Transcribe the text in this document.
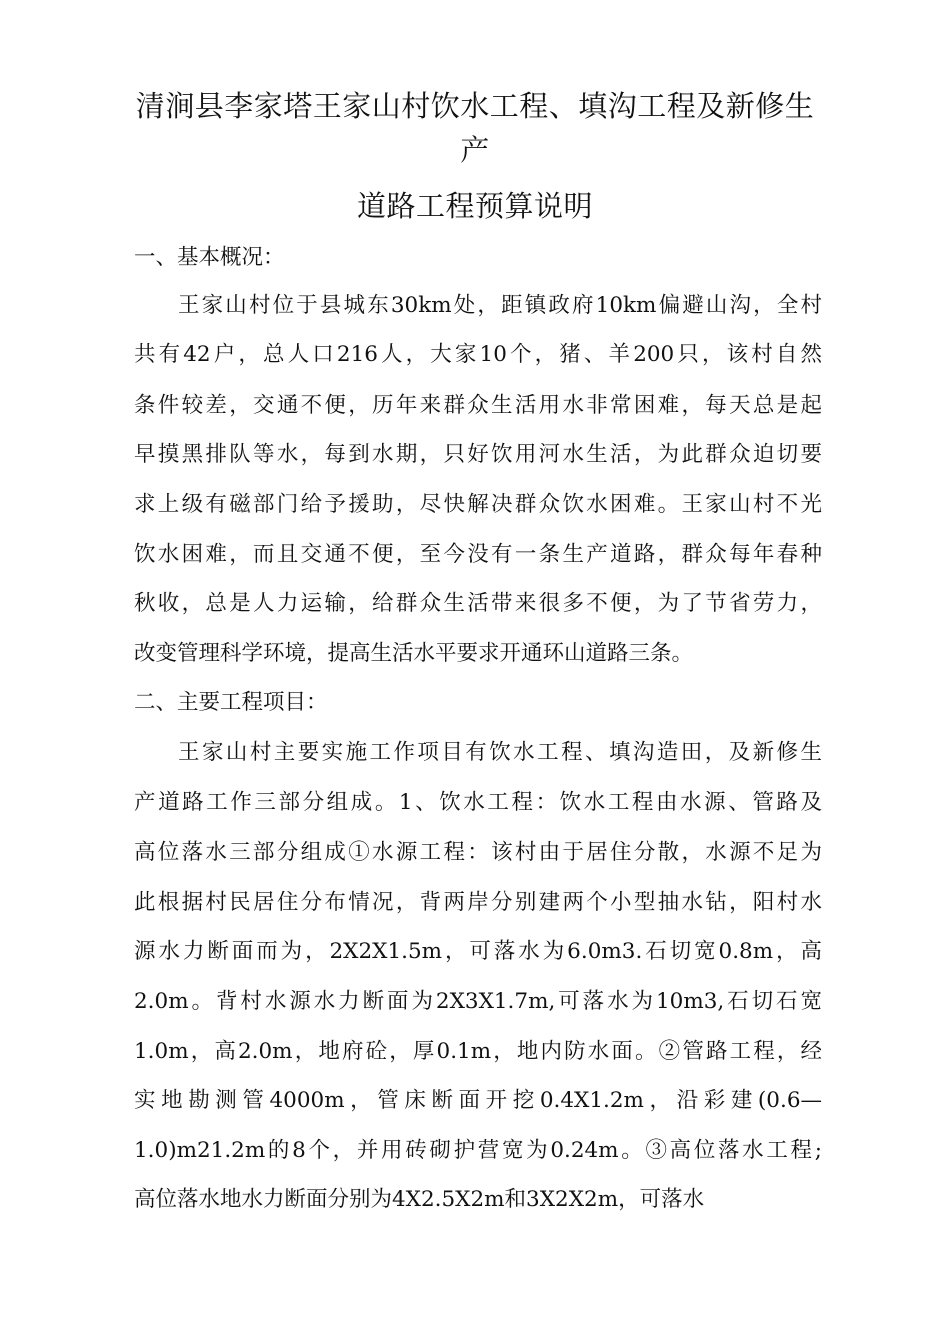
清涧县李家塔王家山村饮水工程、填沟工程及新修生
产
道路工程预算说明
一、基本概况：
王家山村位于县城东30km处，距镇政府10km偏避山沟，全村
共有42户，总人口216人，大家10个，猪、羊200只，该村自然
条件较差，交通不便，历年来群众生活用水非常困难，每天总是起
早摸黑排队等水，每到水期，只好饮用河水生活，为此群众迫切要
求上级有磁部门给予援助，尽快解决群众饮水困难。王家山村不光
饮水困难，而且交通不便，至今没有一条生产道路，群众每年春种
秋收，总是人力运输，给群众生活带来很多不便，为了节省劳力，
改变管理科学环境，提高生活水平要求开通环山道路三条。
二、主要工程项目：
王家山村主要实施工作项目有饮水工程、填沟造田，及新修生
产道路工作三部分组成。1、饮水工程：饮水工程由水源、管路及
高位落水三部分组成①水源工程：该村由于居住分散，水源不足为
此根据村民居住分布情况，背两岸分别建两个小型抽水钻，阳村水
源水力断面而为，2X2X1.5m，可落水为6.0m3.石切宽0.8m，高
2.0m。背村水源水力断面为2X3X1.7m,可落水为10m3,石切石宽
1.0m，高2.0m，地府砼，厚0.1m，地内防水面。②管路工程，经
实地勘测管4000m，管床断面开挖0.4X1.2m，沿彩建(0.6—
1.0)m21.2m的8个，并用砖砌护营宽为0.24m。③高位落水工程;
高位落水地水力断面分别为4X2.5X2m和3X2X2m，可落水
